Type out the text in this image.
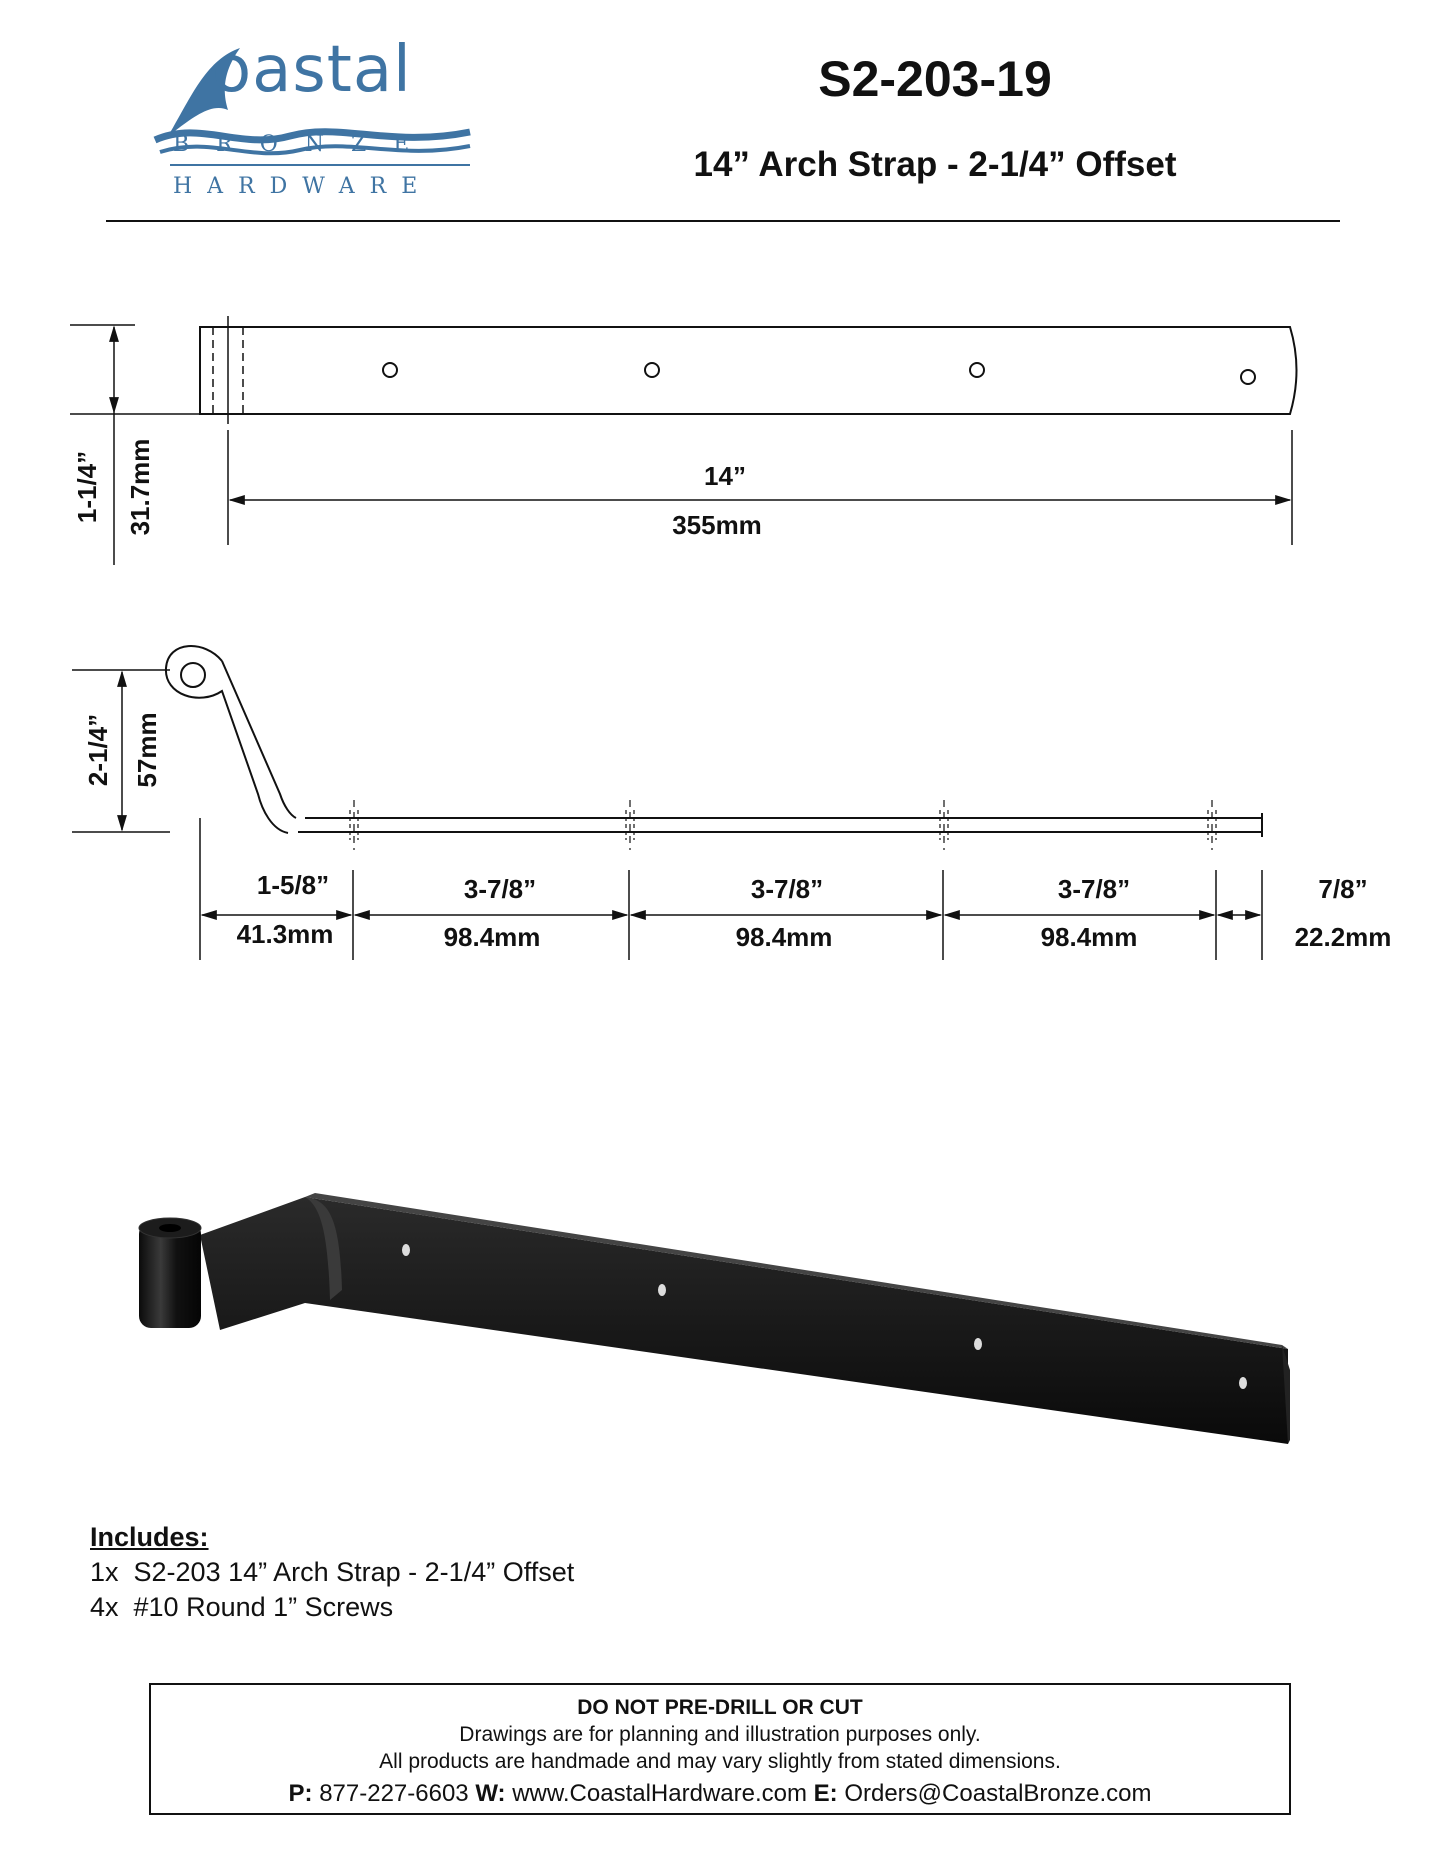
oastal
BRONZE
HARDWARE
S2-203-19
14” Arch Strap - 2-1/4” Offset
1-1/4” 31.7mm	14”
355mm
2-1/4” 57mm
1-5/8”
41.3mm
3-7/8”
98.4mm
3-7/8”
98.4mm
3-7/8”
98.4mm
7/8”
22.2mm
Includes:
1x  S2-203 14” Arch Strap - 2-1/4” Offset
4x  #10 Round 1” Screws
DO NOT PRE-DRILL OR CUT
Drawings are for planning and illustration purposes only.
All products are handmade and may vary slightly from stated dimensions.
P: 877-227-6603 W: www.CoastalHardware.com E: Orders@CoastalBronze.com
